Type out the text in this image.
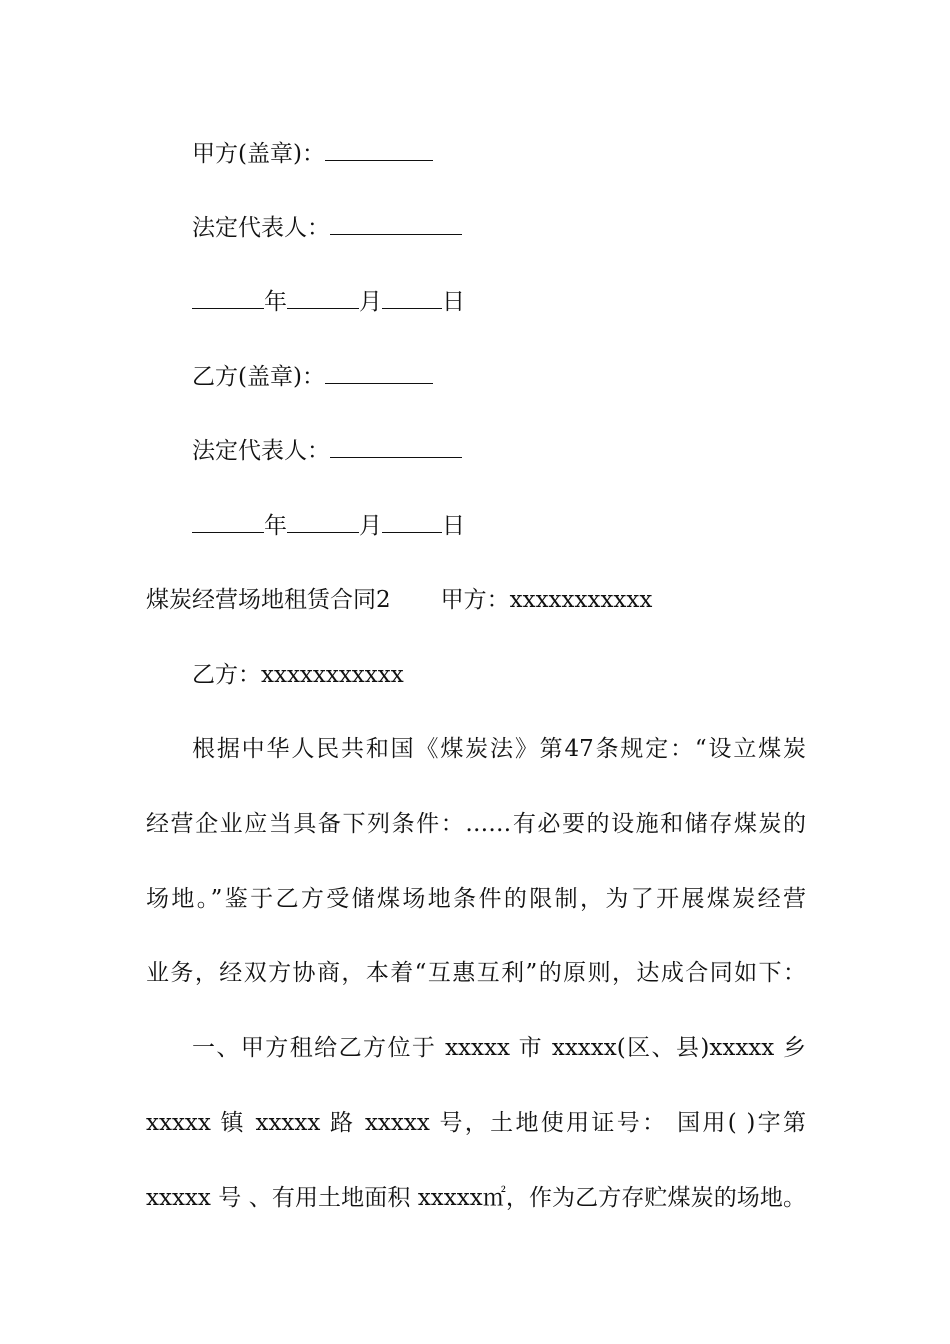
甲方(盖章)：
法定代表人：
年	月	日
乙方(盖章)：
法定代表人：
年	月	日
煤炭经营场地租赁合同2 甲方：xxxxxxxxxxx
乙方：xxxxxxxxxxx
根据中华人民共和国《煤炭法》第47条规定：“设立煤炭
经营企业应当具备下列条件：……有必要的设施和储存煤炭的
场地。”鉴于乙方受储煤场地条件的限制，为了开展煤炭经营
业务，经双方协商，本着“互惠互利”的原则，达成合同如下：
一、甲方租给乙方位于 xxxxx 市 xxxxx(区、县)xxxxx 乡
xxxxx 镇 xxxxx 路 xxxxx 号，土地使用证号： 国用( )字第
xxxxx 号 、有用土地面积 xxxxx㎡，作为乙方存贮煤炭的场地。
